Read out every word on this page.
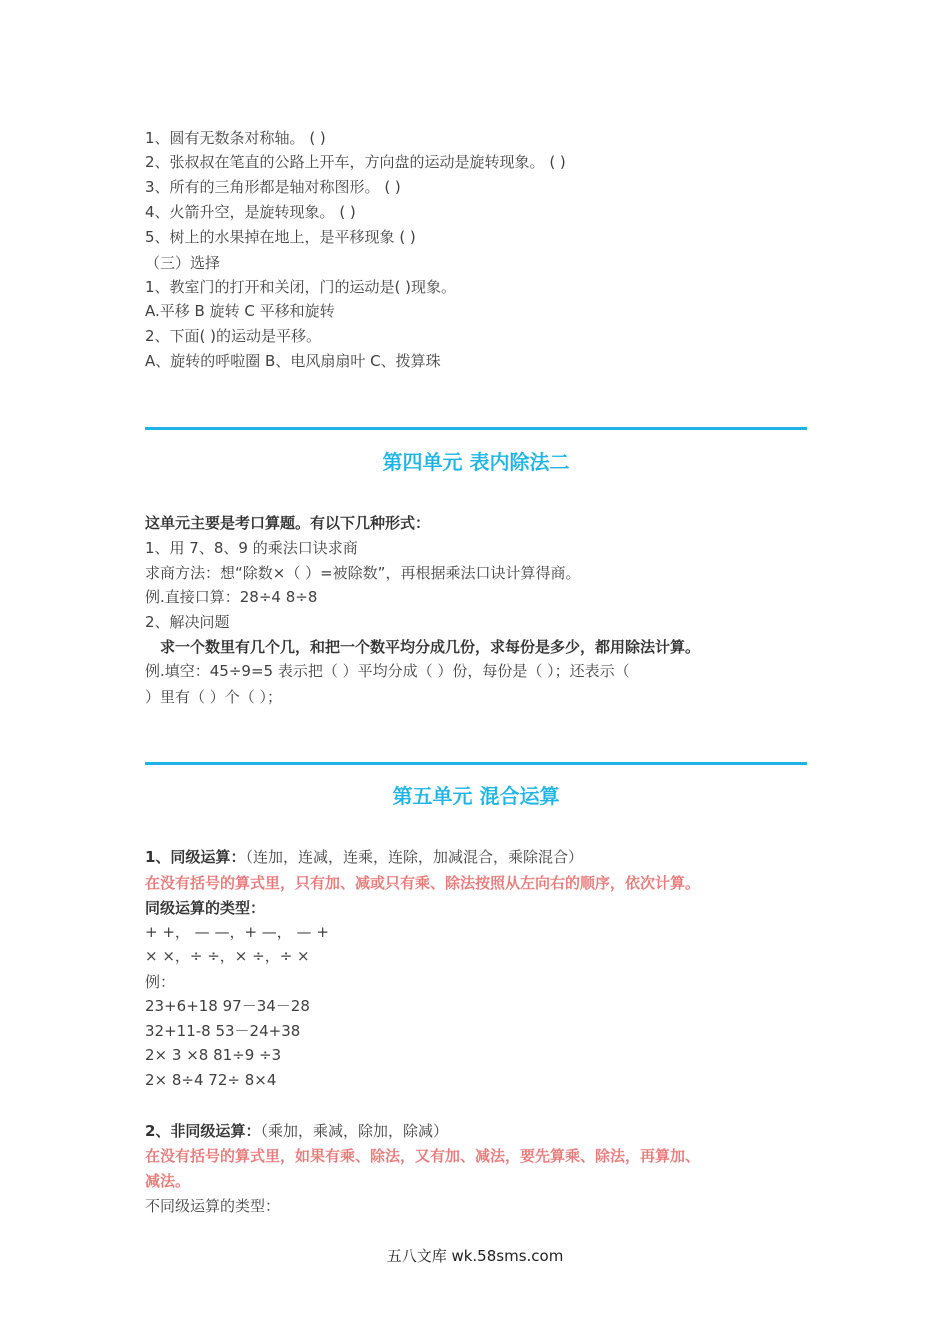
1、圆有无数条对称轴。 ( )
2、张叔叔在笔直的公路上开车，方向盘的运动是旋转现象。 ( )
3、所有的三角形都是轴对称图形。 ( )
4、火箭升空，是旋转现象。 ( )
5、树上的水果掉在地上，是平移现象 ( )
（三）选择
1、教室门的打开和关闭，门的运动是( )现象。
A.平移 B 旋转 C 平移和旋转
2、下面( )的运动是平移。
A、旋转的呼啦圈 B、电风扇扇叶 C、拨算珠
第四单元 表内除法二
这单元主要是考口算题。有以下几种形式：
1、用 7、8、9 的乘法口诀求商
求商方法：想“除数×（ ）=被除数”，再根据乘法口诀计算得商。
例.直接口算：28÷4 8÷8
2、解决问题
求一个数里有几个几，和把一个数平均分成几份，求每份是多少，都用除法计算。
例.填空：45÷9=5 表示把（ ）平均分成（ ）份，每份是（ ）；还表示（
）里有（ ）个（ ）；
第五单元 混合运算
1、同级运算：（连加，连减，连乘，连除，加减混合，乘除混合）
在没有括号的算式里，只有加、减或只有乘、除法按照从左向右的顺序，依次计算。
同级运算的类型：
+ +， — —，+ —， — +
× ×，÷ ÷，× ÷，÷ ×
例：
23+6+18 97－34－28
32+11-8 53－24+38
2× 3 ×8 81÷9 ÷3
2× 8÷4 72÷ 8×4
2、非同级运算：（乘加，乘减，除加，除减）
在没有括号的算式里，如果有乘、除法，又有加、减法，要先算乘、除法，再算加、
减法。
不同级运算的类型：
五八文库 wk.58sms.com
